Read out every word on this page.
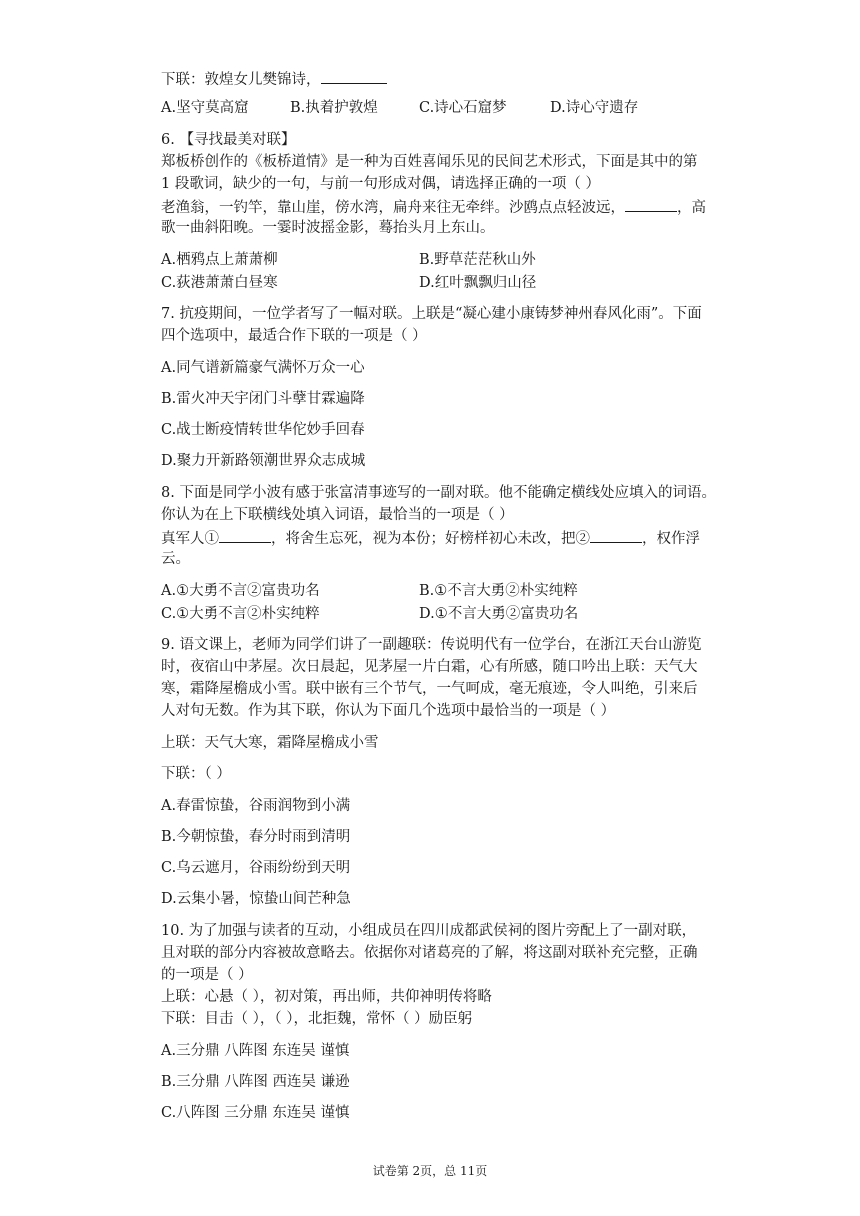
下联：敦煌女儿樊锦诗，
A.坚守莫高窟	B.执着护敦煌	C.诗心石窟梦	D.诗心守遗存
6. 【寻找最美对联】
郑板桥创作的《板桥道情》是一种为百姓喜闻乐见的民间艺术形式，下面是其中的第
1 段歌词，缺少的一句，与前一句形成对偶，请选择正确的一项（ ）
老渔翁，一钓竿，靠山崖，傍水湾，扁舟来往无牵绊。沙鸥点点轻波远，	，高
歌一曲斜阳晚。一霎时波摇金影，蓦抬头月上东山。
A.栖鸦点上萧萧柳	B.野草茫茫秋山外
C.荻港萧萧白昼寒	D.红叶飘飘归山径
7. 抗疫期间，一位学者写了一幅对联。上联是“凝心建小康铸梦神州春风化雨”。下面
四个选项中，最适合作下联的一项是（ ）
A.同气谱新篇豪气满怀万众一心
B.雷火冲天宇闭门斗孽甘霖遍降
C.战士断疫情转世华佗妙手回春
D.聚力开新路领潮世界众志成城
8. 下面是同学小波有感于张富清事迹写的一副对联。他不能确定横线处应填入的词语。
你认为在上下联横线处填入词语，最恰当的一项是（ ）
真军人①	，将舍生忘死，视为本份；好榜样初心未改，把②	，权作浮
云。
A.①大勇不言②富贵功名	B.①不言大勇②朴实纯粹
C.①大勇不言②朴实纯粹	D.①不言大勇②富贵功名
9. 语文课上，老师为同学们讲了一副趣联：传说明代有一位学台，在浙江天台山游览
时，夜宿山中茅屋。次日晨起，见茅屋一片白霜，心有所感，随口吟出上联：天气大
寒，霜降屋檐成小雪。联中嵌有三个节气，一气呵成，毫无痕迹，令人叫绝，引来后
人对句无数。作为其下联，你认为下面几个选项中最恰当的一项是（ ）
上联：天气大寒，霜降屋檐成小雪
下联：（ ）
A.春雷惊蛰，谷雨润物到小满
B.今朝惊蛰，春分时雨到清明
C.乌云遮月，谷雨纷纷到天明
D.云集小暑，惊蛰山间芒种急
10. 为了加强与读者的互动，小组成员在四川成都武侯祠的图片旁配上了一副对联，
且对联的部分内容被故意略去。依据你对诸葛亮的了解，将这副对联补充完整，正确
的一项是（ ）
上联：心悬（ ），初对策，再出师，共仰神明传将略
下联：目击（ ），（ ），北拒魏，常怀（ ）励臣躬
A.三分鼎 八阵图 东连吴 谨慎
B.三分鼎 八阵图 西连吴 谦逊
C.八阵图 三分鼎 东连吴 谨慎
试卷第 2页，总 11页
